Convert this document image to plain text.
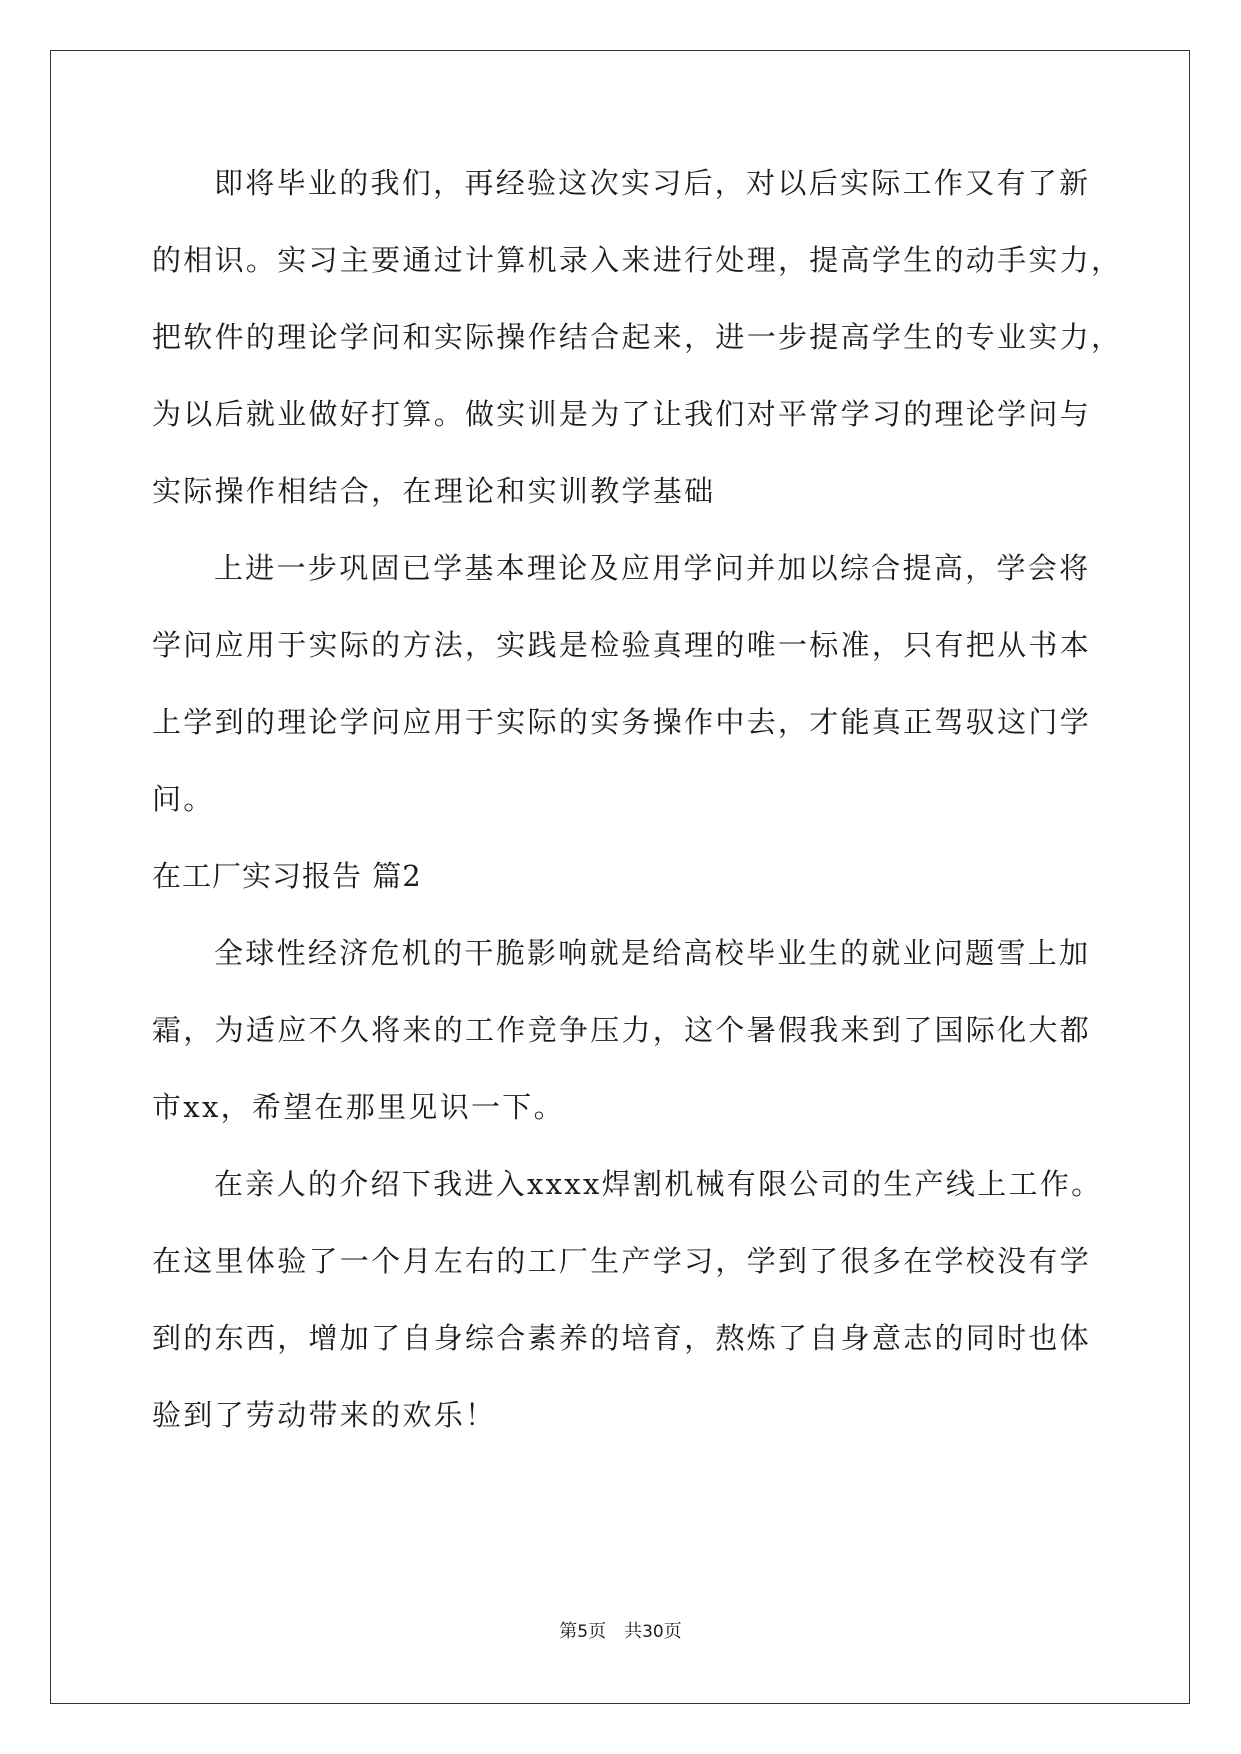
即将毕业的我们，再经验这次实习后，对以后实际工作又有了新
的相识。实习主要通过计算机录入来进行处理，提高学生的动手实力，
把软件的理论学问和实际操作结合起来，进一步提高学生的专业实力，
为以后就业做好打算。做实训是为了让我们对平常学习的理论学问与
实际操作相结合，在理论和实训教学基础
上进一步巩固已学基本理论及应用学问并加以综合提高，学会将
学问应用于实际的方法，实践是检验真理的唯一标准，只有把从书本
上学到的理论学问应用于实际的实务操作中去，才能真正驾驭这门学
问。
在工厂实习报告 篇2
全球性经济危机的干脆影响就是给高校毕业生的就业问题雪上加
霜，为适应不久将来的工作竞争压力，这个暑假我来到了国际化大都
市xx，希望在那里见识一下。
在亲人的介绍下我进入xxxx焊割机械有限公司的生产线上工作。
在这里体验了一个月左右的工厂生产学习，学到了很多在学校没有学
到的东西，增加了自身综合素养的培育，熬炼了自身意志的同时也体
验到了劳动带来的欢乐！
第5页 共30页
